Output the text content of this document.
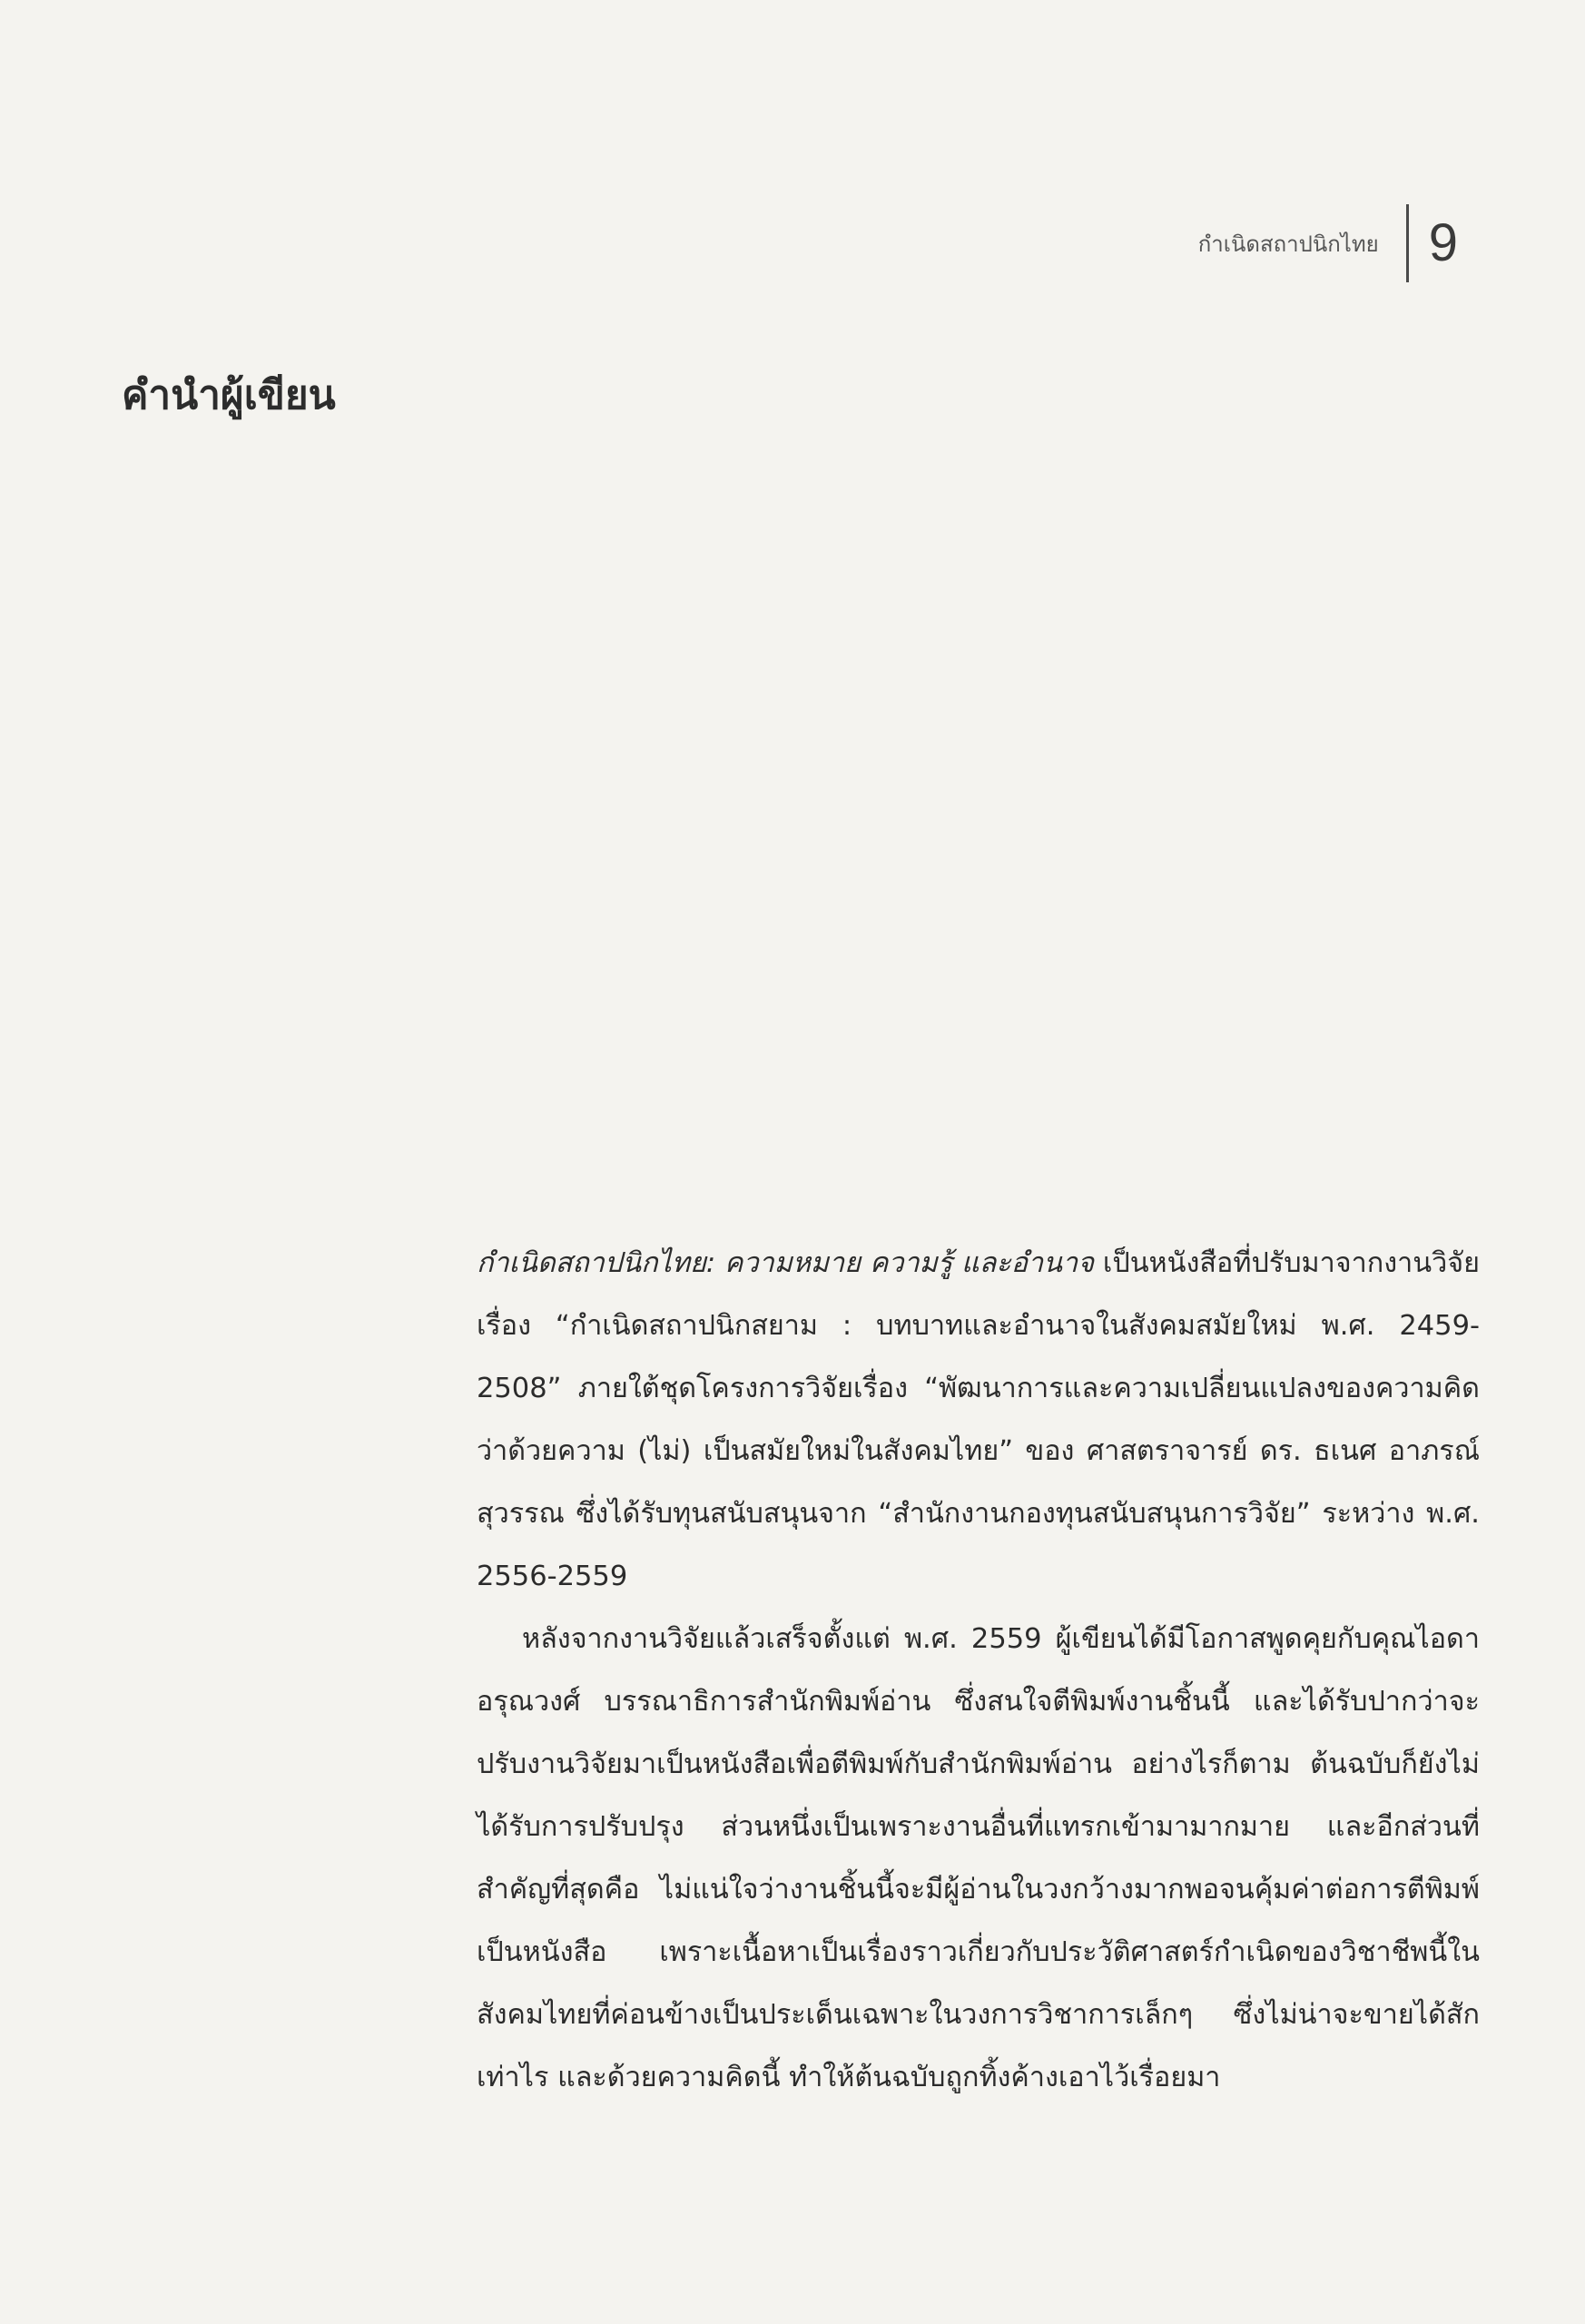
กำเนิดสถาปนิกไทย 9
คำนำผู้เขียน

กำเนิดสถาปนิกไทย: ความหมาย ความรู้ และอำนาจ เป็นหนังสือที่ปรับมาจากงานวิจัยเรื่อง “กำเนิดสถาปนิกสยาม : บทบาทและอำนาจในสังคมสมัยใหม่ พ.ศ. 2459-2508” ภายใต้ชุดโครงการวิจัยเรื่อง “พัฒนาการและความเปลี่ยนแปลงของความคิดว่าด้วยความ (ไม่) เป็นสมัยใหม่ในสังคมไทย” ของ ศาสตราจารย์ ดร. ธเนศ อาภรณ์สุวรรณ ซึ่งได้รับทุนสนับสนุนจาก “สำนักงานกองทุนสนับสนุนการวิจัย” ระหว่าง พ.ศ. 2556-2559

หลังจากงานวิจัยแล้วเสร็จตั้งแต่ พ.ศ. 2559 ผู้เขียนได้มีโอกาสพูดคุยกับคุณไอดา อรุณวงศ์ บรรณาธิการสำนักพิมพ์อ่าน ซึ่งสนใจตีพิมพ์งานชิ้นนี้ และได้รับปากว่าจะปรับงานวิจัยมาเป็นหนังสือเพื่อตีพิมพ์กับสำนักพิมพ์อ่าน อย่างไรก็ตาม ต้นฉบับก็ยังไม่ได้รับการปรับปรุง ส่วนหนึ่งเป็นเพราะงานอื่นที่แทรกเข้ามามากมาย และอีกส่วนที่สำคัญที่สุดคือ ไม่แน่ใจว่างานชิ้นนี้จะมีผู้อ่านในวงกว้างมากพอจนคุ้มค่าต่อการตีพิมพ์เป็นหนังสือ เพราะเนื้อหาเป็นเรื่องราวเกี่ยวกับประวัติศาสตร์กำเนิดของวิชาชีพนี้ในสังคมไทยที่ค่อนข้างเป็นประเด็นเฉพาะในวงการวิชาการเล็กๆ ซึ่งไม่น่าจะขายได้สักเท่าไร และด้วยความคิดนี้ ทำให้ต้นฉบับถูกทิ้งค้างเอาไว้เรื่อยมา
